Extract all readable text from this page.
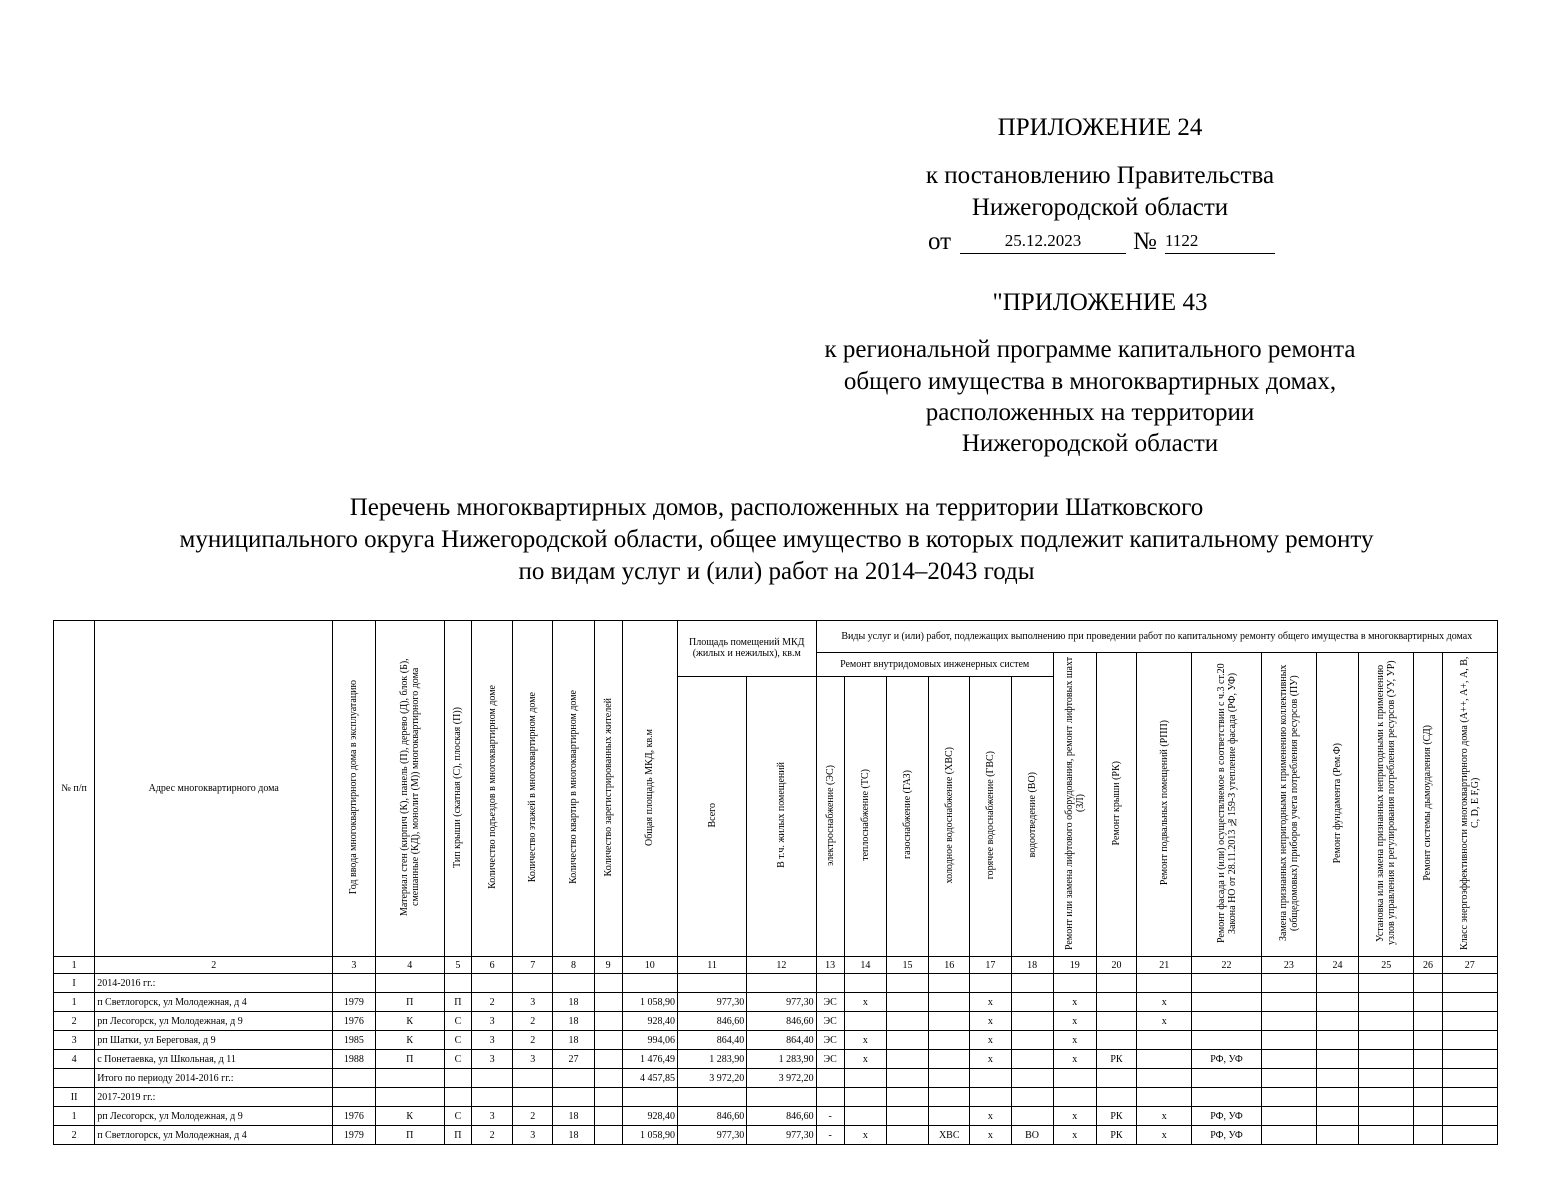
ПРИЛОЖЕНИЕ 24
к постановлению Правительства
Нижегородской области
от	25.12.2023	№ 1122
"ПРИЛОЖЕНИЕ 43
к региональной программе капитального ремонта
общего имущества в многоквартирных домах,
расположенных на территории
Нижегородской области
Перечень многоквартирных домов, расположенных на территории Шатковского
муниципального округа Нижегородской области, общее имущество в которых подлежит капитальному ремонту
по видам услуг и (или) работ на 2014–2043 годы
№ п/п	Адрес многоквартирного дома	Год ввода многоквартирного дома в эксплуатацию	Материал стен (кирпич (К), панель (П), дерево (Д), блок (Б), смешанные (КД), монолит (М)) многоквартирного дома	Тип крыши (скатная (С), плоская (П))	Количество подъездов в многоквартирном доме	Количество этажей в многоквартирном доме	Количество квартир в многоквартирном доме	Количество зарегистрированных жителей	Общая площадь МКД, кв.м	Площадь помещений МКД (жилых и нежилых), кв.м		Виды услуг и (или) работ, подлежащих выполнению при проведении работ по капитальному ремонту общего имущества в многоквартирных домах														
												Ремонт внутридомовых инженерных систем						Ремонт или замена лифтового оборудования, ремонт лифтовых шахт (ЗЛ)	Ремонт крыши (РК)	Ремонт подвальных помещений (РПП)	Ремонт фасада и (или) осуществляемое в соответствии с ч.3 ст.20 Закона НО от 28.11.2013 №159-З утепление фасада (РФ, УФ)	Замена признанных непригодными к применению коллективных (общедомовых) приборов учета потребления ресурсов (ПУ)	Ремонт фундамента (Рем.Ф)	Установка или замена признанных непригодными к применению узлов управления и регулирования потребления ресурсов (УУ, УР)	Ремонт системы дымоудаления (СД)	Класс энергоэффективности многоквартирного дома (А++, А+, А, В, С, D, E F,G)
										Всего	В т.ч. жилых помещений	электроснабжение (ЭС)	теплоснабжение (ТС)	газоснабжение (ГАЗ)	холодное водоснабжение (ХВС)	горячее водоснабжение (ГВС)	водоотведение (ВО)									
1	2	3	4	5	6	7	8	9	10	11	12	13	14	15	16	17	18	19	20	21	22	23	24	25	26	27
I	2014-2016 гг.:																									
1	п Светлогорск, ул Молодежная, д 4	1979	П	П	2	3	18		1 058,90	977,30	977,30	ЭС	х			х		х		х						
2	рп Лесогорск, ул Молодежная, д 9	1976	К	С	3	2	18		928,40	846,60	846,60	ЭС				х		х		х						
3	рп Шатки, ул Береговая, д 9	1985	К	С	3	2	18		994,06	864,40	864,40	ЭС	х			х		х								
4	с Понетаевка, ул Школьная, д 11	1988	П	С	3	3	27		1 476,49	1 283,90	1 283,90	ЭС	х			х		х	РК		РФ, УФ					
	Итого по периоду 2014-2016 гг.:								4 457,85	3 972,20	3 972,20															
II	2017-2019 гг.:																									
1	рп Лесогорск, ул Молодежная, д 9	1976	К	С	3	2	18		928,40	846,60	846,60	-				х		х	РК	х	РФ, УФ					
2	п Светлогорск, ул Молодежная, д 4	1979	П	П	2	3	18		1 058,90	977,30	977,30	-	х		ХВС	х	ВО	х	РК	х	РФ, УФ					
